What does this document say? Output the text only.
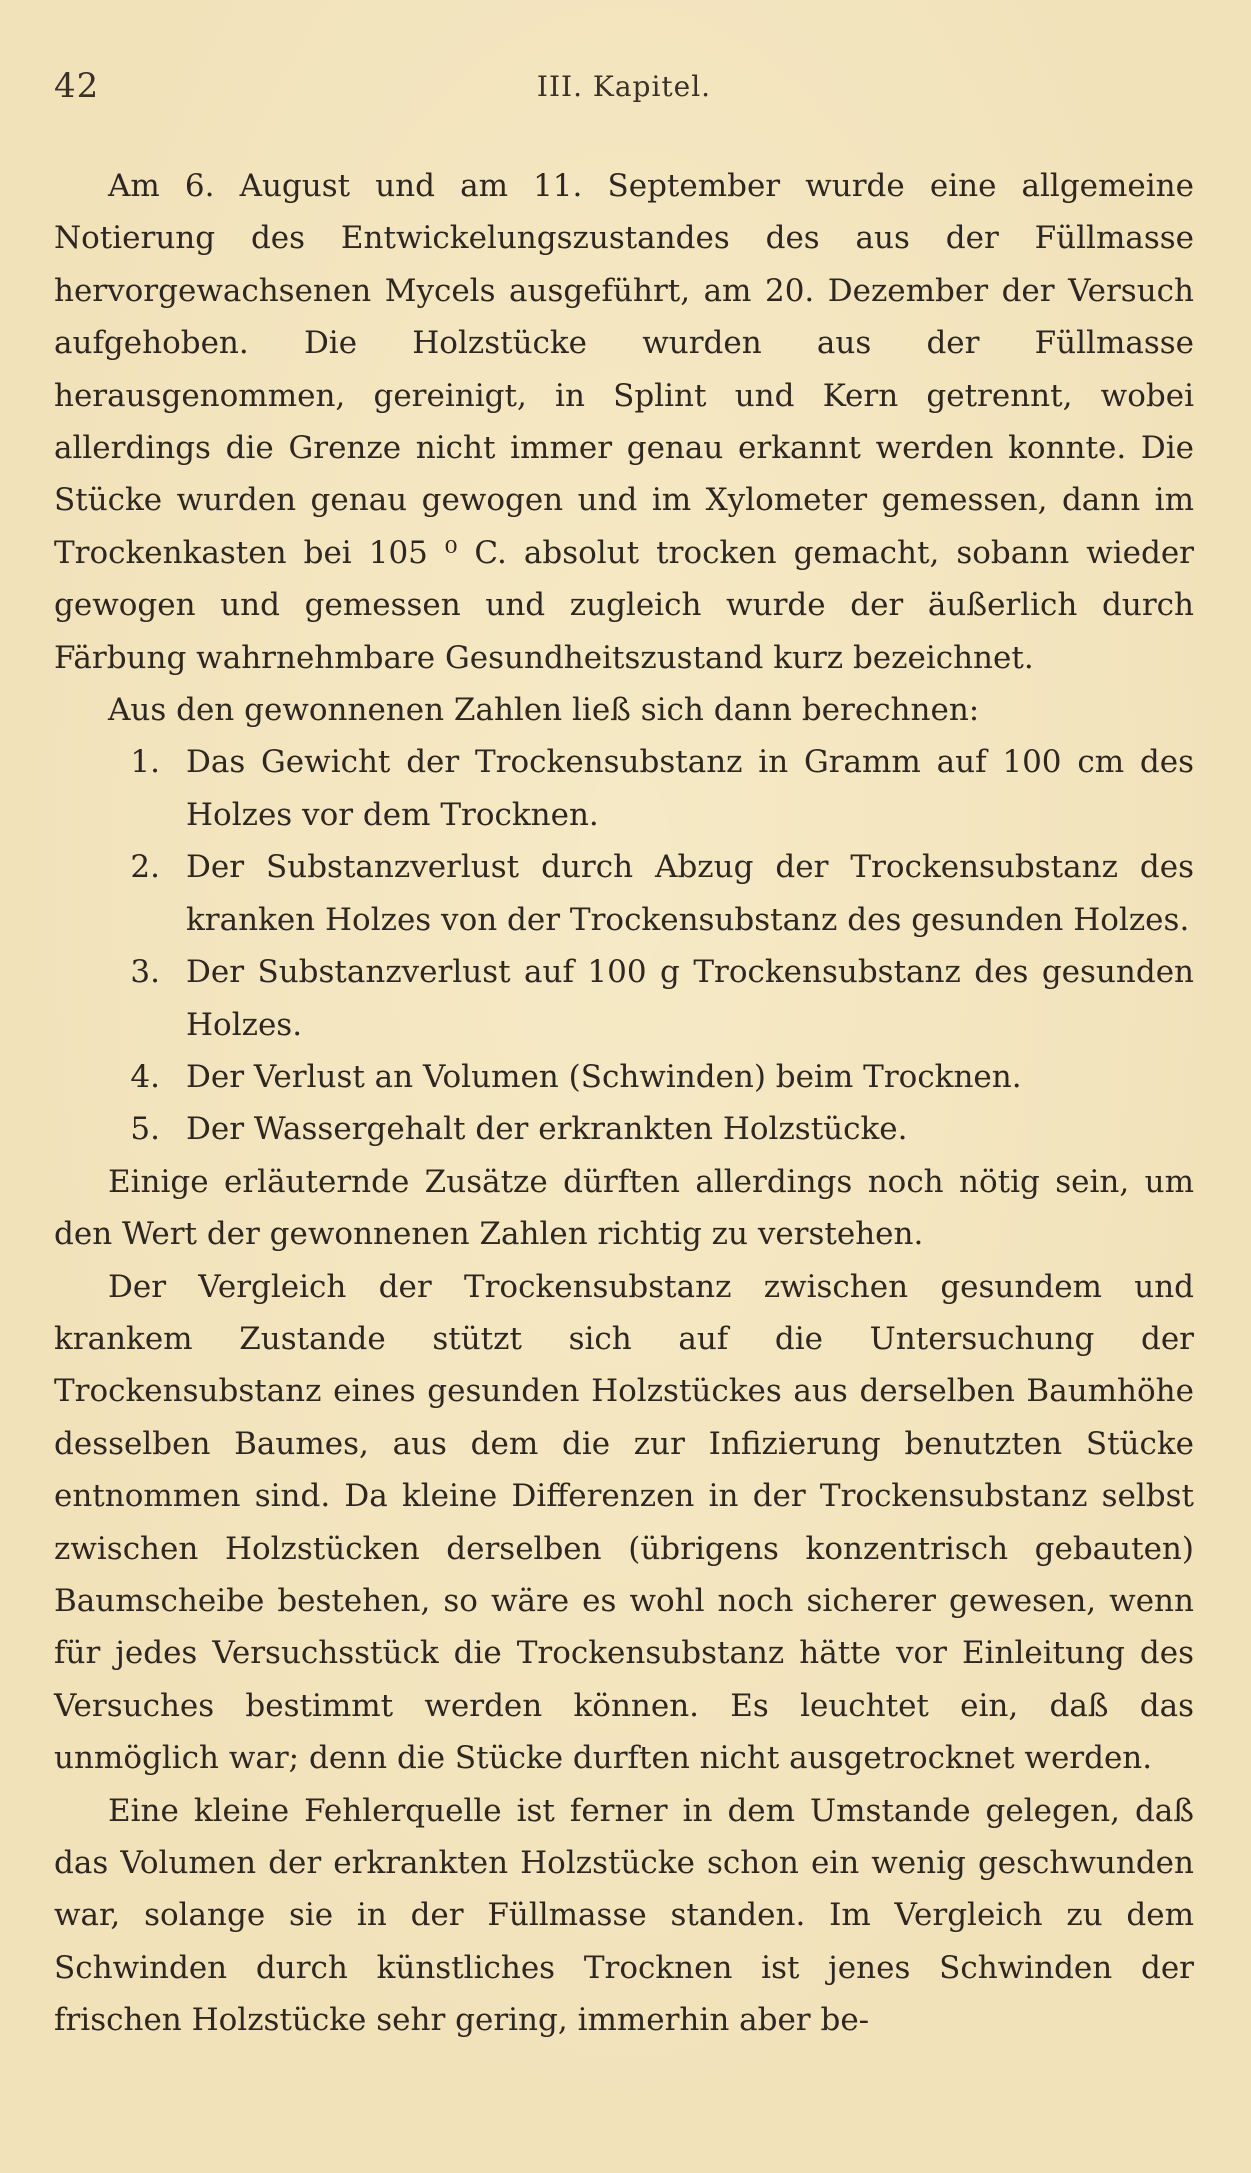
42	III. Kapitel.

Am 6. August und am 11. September wurde eine allgemeine Notierung des Entwickelungszustandes des aus der Füllmasse hervorgewachsenen Mycels ausgeführt, am 20. Dezember der Versuch aufgehoben. Die Holzstücke wurden aus der Füllmasse herausgenommen, gereinigt, in Splint und Kern getrennt, wobei allerdings die Grenze nicht immer genau erkannt werden konnte. Die Stücke wurden genau gewogen und im Xylometer gemessen, dann im Trockenkasten bei 105 ⁰ C. absolut trocken gemacht, sobann wieder gewogen und gemessen und zugleich wurde der äußerlich durch Färbung wahrnehmbare Gesundheitszustand kurz bezeichnet.

Aus den gewonnenen Zahlen ließ sich dann berechnen:

1. Das Gewicht der Trockensubstanz in Gramm auf 100 cm des Holzes vor dem Trocknen.
2. Der Substanzverlust durch Abzug der Trockensubstanz des kranken Holzes von der Trockensubstanz des gesunden Holzes.
3. Der Substanzverlust auf 100 g Trockensubstanz des gesunden Holzes.
4. Der Verlust an Volumen (Schwinden) beim Trocknen.
5. Der Wassergehalt der erkrankten Holzstücke.

Einige erläuternde Zusätze dürften allerdings noch nötig sein, um den Wert der gewonnenen Zahlen richtig zu verstehen.

Der Vergleich der Trockensubstanz zwischen gesundem und krankem Zustande stützt sich auf die Untersuchung der Trockensubstanz eines gesunden Holzstückes aus derselben Baumhöhe desselben Baumes, aus dem die zur Infizierung benutzten Stücke entnommen sind. Da kleine Differenzen in der Trockensubstanz selbst zwischen Holzstücken derselben (übrigens konzentrisch gebauten) Baumscheibe bestehen, so wäre es wohl noch sicherer gewesen, wenn für jedes Versuchsstück die Trockensubstanz hätte vor Einleitung des Versuches bestimmt werden können. Es leuchtet ein, daß das unmöglich war; denn die Stücke durften nicht ausgetrocknet werden.

Eine kleine Fehlerquelle ist ferner in dem Umstande gelegen, daß das Volumen der erkrankten Holzstücke schon ein wenig geschwunden war, solange sie in der Füllmasse standen. Im Vergleich zu dem Schwinden durch künstliches Trocknen ist jenes Schwinden der frischen Holzstücke sehr gering, immerhin aber be-
